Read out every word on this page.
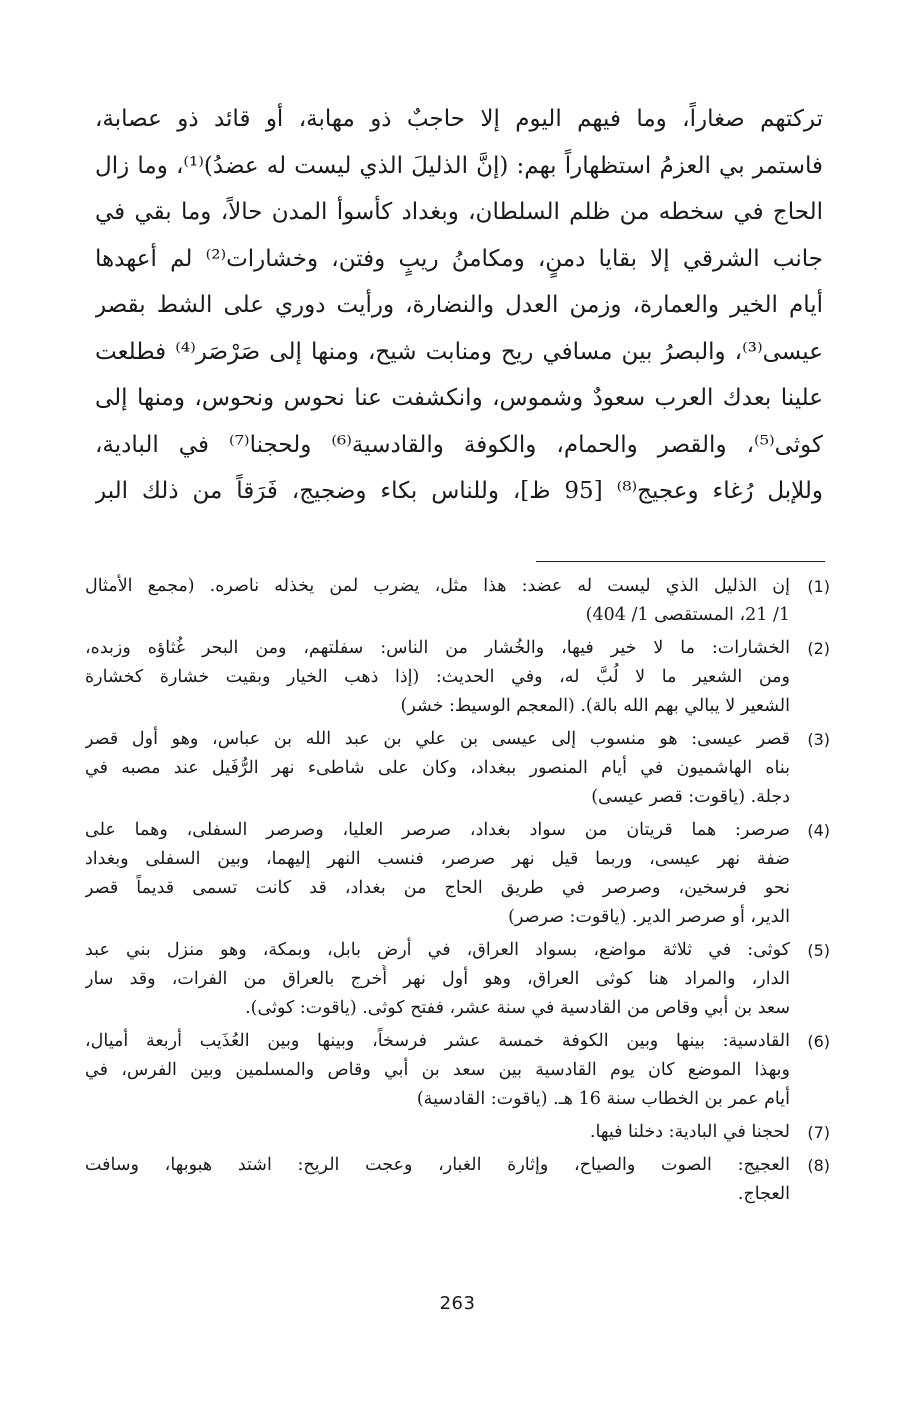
تركتهم صغاراً، وما فيهم اليوم إلا حاجبٌ ذو مهابة، أو قائد ذو عصابة،
فاستمر بي العزمُ استظهاراً بهم: (إنَّ الذليلَ الذي ليست له عضدُ)⁽¹⁾، وما زال
الحاج في سخطه من ظلم السلطان، وبغداد كأسوأ المدن حالاً، وما بقي في
جانب الشرقي إلا بقايا دمنٍ، ومكامنُ ريبٍ وفتن، وخشارات⁽²⁾ لم أعهدها
أيام الخير والعمارة، وزمن العدل والنضارة، ورأيت دوري على الشط بقصر
عيسى⁽³⁾، والبصرُ بين مسافي ريح ومنابت شيح، ومنها إلى صَرْصَر⁽⁴⁾ فطلعت
علينا بعدك العرب سعودٌ وشموس، وانكشفت عنا نحوس ونحوس، ومنها إلى
كوثى⁽⁵⁾، والقصر والحمام، والكوفة والقادسية⁽⁶⁾ ولحجنا⁽⁷⁾ في البادية،
وللإبل رُغاء وعجيج⁽⁸⁾ [95 ظ]، وللناس بكاء وضجيج، فَرَقاً من ذلك البر
(1)
إن الذليل الذي ليست له عضد: هذا مثل، يضرب لمن يخذله ناصره. (مجمع الأمثال
1/ 21، المستقصى 1/ 404)
(2)
الخشارات: ما لا خير فيها، والخُشار من الناس: سفلتهم، ومن البحر غُثاؤه وزبده،
ومن الشعير ما لا لُبَّ له، وفي الحديث: (إذا ذهب الخيار وبقيت خشارة كخشارة
الشعير لا يبالي بهم الله بالة). (المعجم الوسيط: خشر)
(3)
قصر عيسى: هو منسوب إلى عيسى بن علي بن عبد الله بن عباس، وهو أول قصر
بناه الهاشميون في أيام المنصور ببغداد، وكان على شاطىء نهر الرُّفَيل عند مصبه في
دجلة. (ياقوت: قصر عيسى)
(4)
صرصر: هما قريتان من سواد بغداد، صرصر العليا، وصرصر السفلى، وهما على
ضفة نهر عيسى، وربما قيل نهر صرصر، فنسب النهر إليهما، وبين السفلى وبغداد
نحو فرسخين، وصرصر في طريق الحاج من بغداد، قد كانت تسمى قديماً قصر
الدير، أو صرصر الدير. (ياقوت: صرصر)
(5)
كوثى: في ثلاثة مواضع، بسواد العراق، في أرض بابل، وبمكة، وهو منزل بني عبد
الدار، والمراد هنا كوثى العراق، وهو أول نهر أُخرج بالعراق من الفرات، وقد سار
سعد بن أبي وقاص من القادسية في سنة عشر، ففتح كوثى. (ياقوت: كوثى).
(6)
القادسية: بينها وبين الكوفة خمسة عشر فرسخاً، وبينها وبين العُذَيب أربعة أميال،
وبهذا الموضع كان يوم القادسية بين سعد بن أبي وقاص والمسلمين وبين الفرس، في
أيام عمر بن الخطاب سنة 16 هـ. (ياقوت: القادسية)
(7)
لحجنا في البادية: دخلنا فيها.
(8)
العجيج: الصوت والصياح، وإثارة الغبار، وعجت الريح: اشتد هبوبها، وسافت
العجاج.
263
